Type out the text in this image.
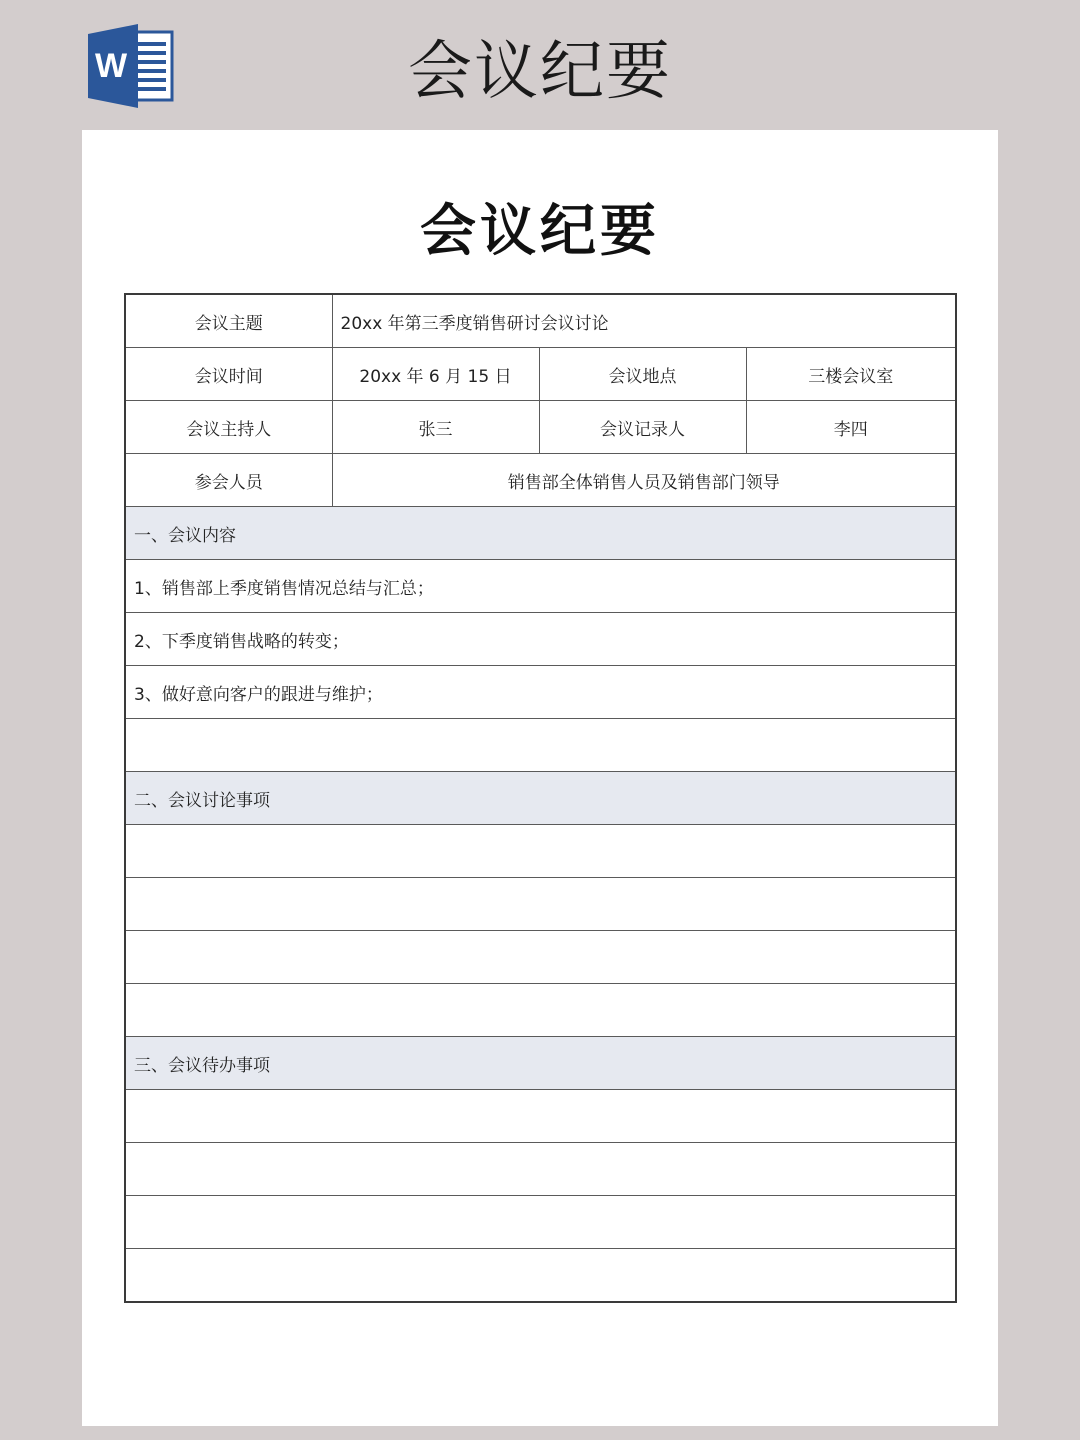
W	会议纪要
会议纪要
会议主题	20xx 年第三季度销售研讨会议讨论		
会议时间	20xx 年 6 月 15 日	会议地点	三楼会议室
会议主持人	张三	会议记录人	李四
参会人员	销售部全体销售人员及销售部门领导		
一、会议内容			
1、销售部上季度销售情况总结与汇总；			
2、下季度销售战略的转变；			
3、做好意向客户的跟进与维护；			

二、会议讨论事项			

三、会议待办事项			
